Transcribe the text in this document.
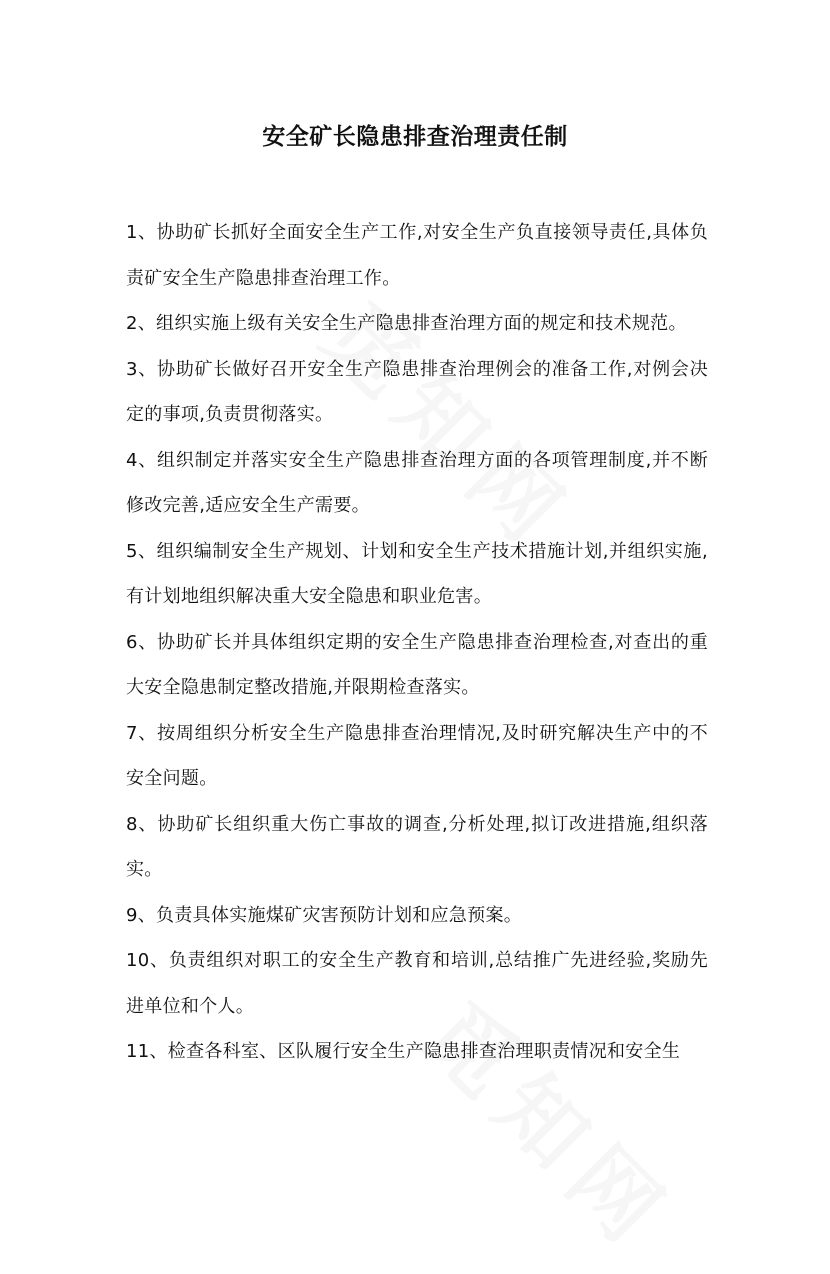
安全矿长隐患排查治理责任制

1、协助矿长抓好全面安全生产工作,对安全生产负直接领导责任,具体负责矿安全生产隐患排查治理工作。

2、组织实施上级有关安全生产隐患排查治理方面的规定和技术规范。

3、协助矿长做好召开安全生产隐患排查治理例会的准备工作,对例会决定的事项,负责贯彻落实。

4、组织制定并落实安全生产隐患排查治理方面的各项管理制度,并不断修改完善,适应安全生产需要。

5、组织编制安全生产规划、计划和安全生产技术措施计划,并组织实施,有计划地组织解决重大安全隐患和职业危害。

6、协助矿长并具体组织定期的安全生产隐患排查治理检查,对查出的重大安全隐患制定整改措施,并限期检查落实。

7、按周组织分析安全生产隐患排查治理情况,及时研究解决生产中的不安全问题。

8、协助矿长组织重大伤亡事故的调查,分析处理,拟订改进措施,组织落实。

9、负责具体实施煤矿灾害预防计划和应急预案。

10、负责组织对职工的安全生产教育和培训,总结推广先进经验,奖励先进单位和个人。

11、检查各科室、区队履行安全生产隐患排查治理职责情况和安全生
